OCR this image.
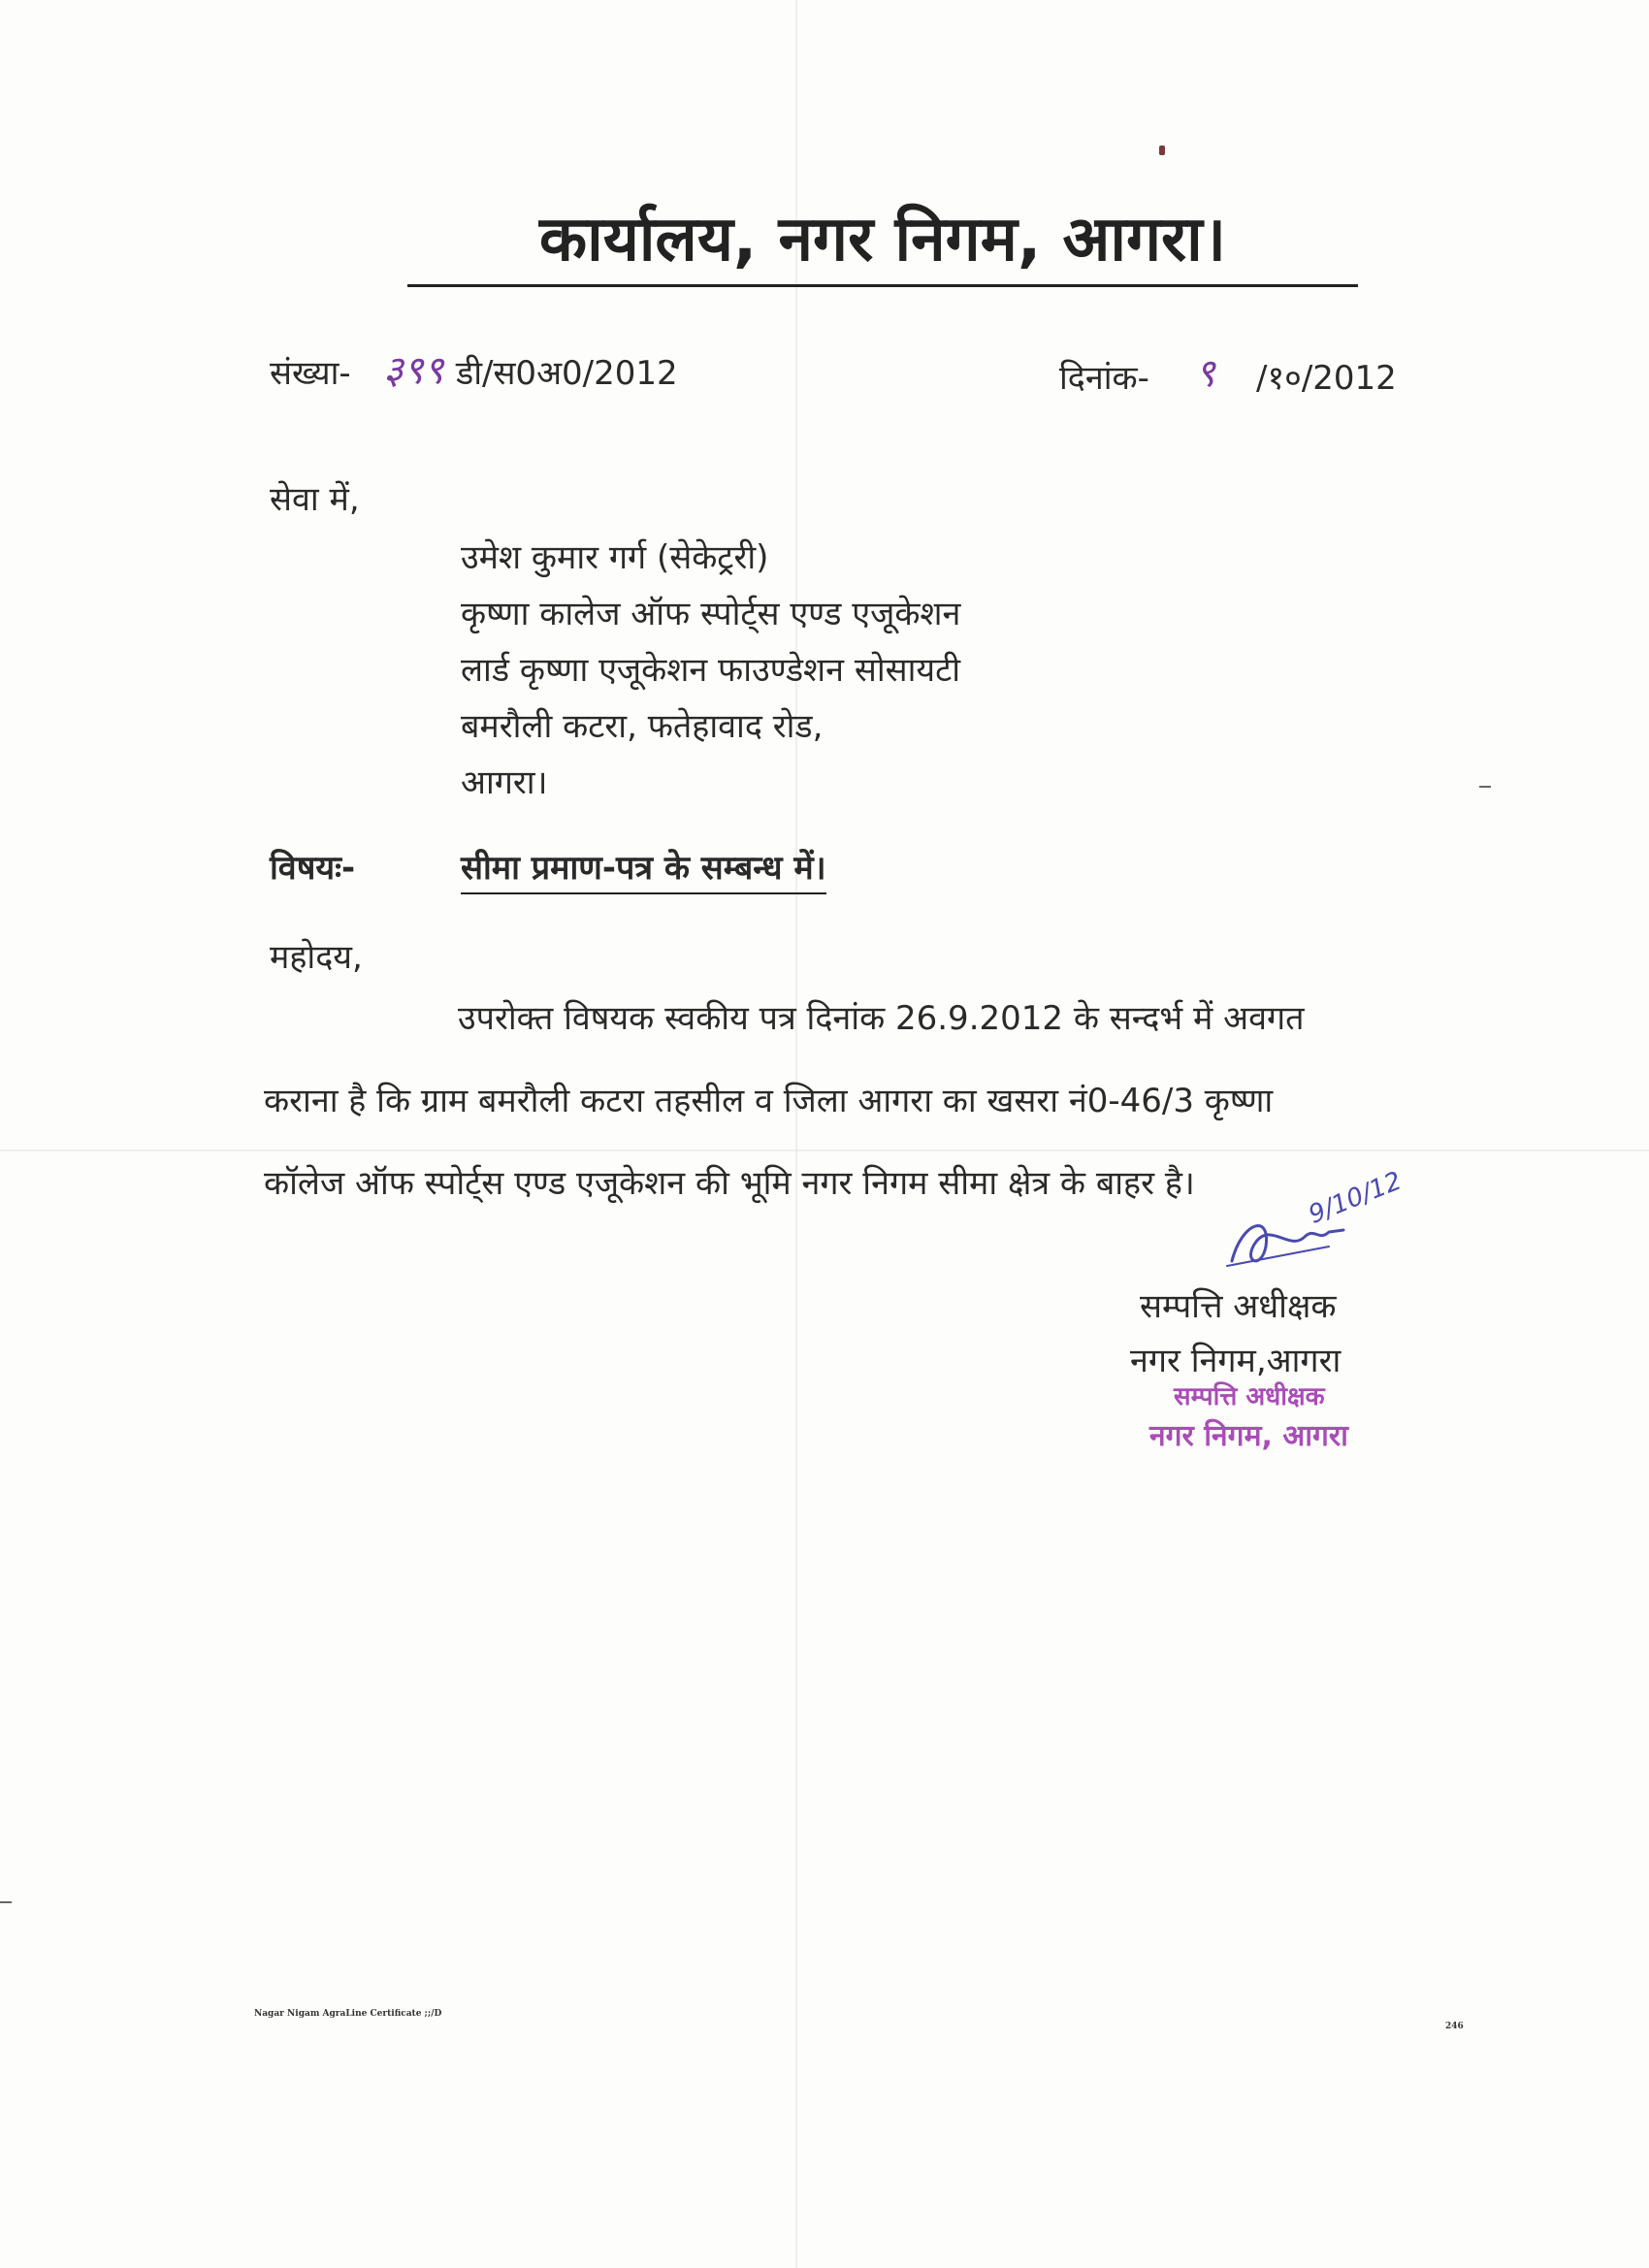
कार्यालय, नगर निगम, आगरा।
संख्या- ३९९ डी/स0अ0/2012	दिनांक- ९ /१०/2012
सेवा में,
उमेश कुमार गर्ग (सेकेट्ररी)
कृष्णा कालेज ऑफ स्पोर्ट्स एण्ड एजूकेशन
लार्ड कृष्णा एजूकेशन फाउण्डेशन सोसायटी
बमरौली कटरा, फतेहावाद रोड,
आगरा।
विषयः-	सीमा प्रमाण-पत्र के सम्बन्ध में।
महोदय,
उपरोक्त विषयक स्वकीय पत्र दिनांक 26.9.2012 के सन्दर्भ में अवगत
कराना है कि ग्राम बमरौली कटरा तहसील व जिला आगरा का खसरा नं0-46/3 कृष्णा
कॉलेज ऑफ स्पोर्ट्स एण्ड एजूकेशन की भूमि नगर निगम सीमा क्षेत्र के बाहर है।	9/10/12
सम्पत्ति अधीक्षक
नगर निगम,आगरा
सम्पत्ति अधीक्षक
नगर निगम, आगरा
Nagar Nigam AgraLine Certificate ;;/D
246
